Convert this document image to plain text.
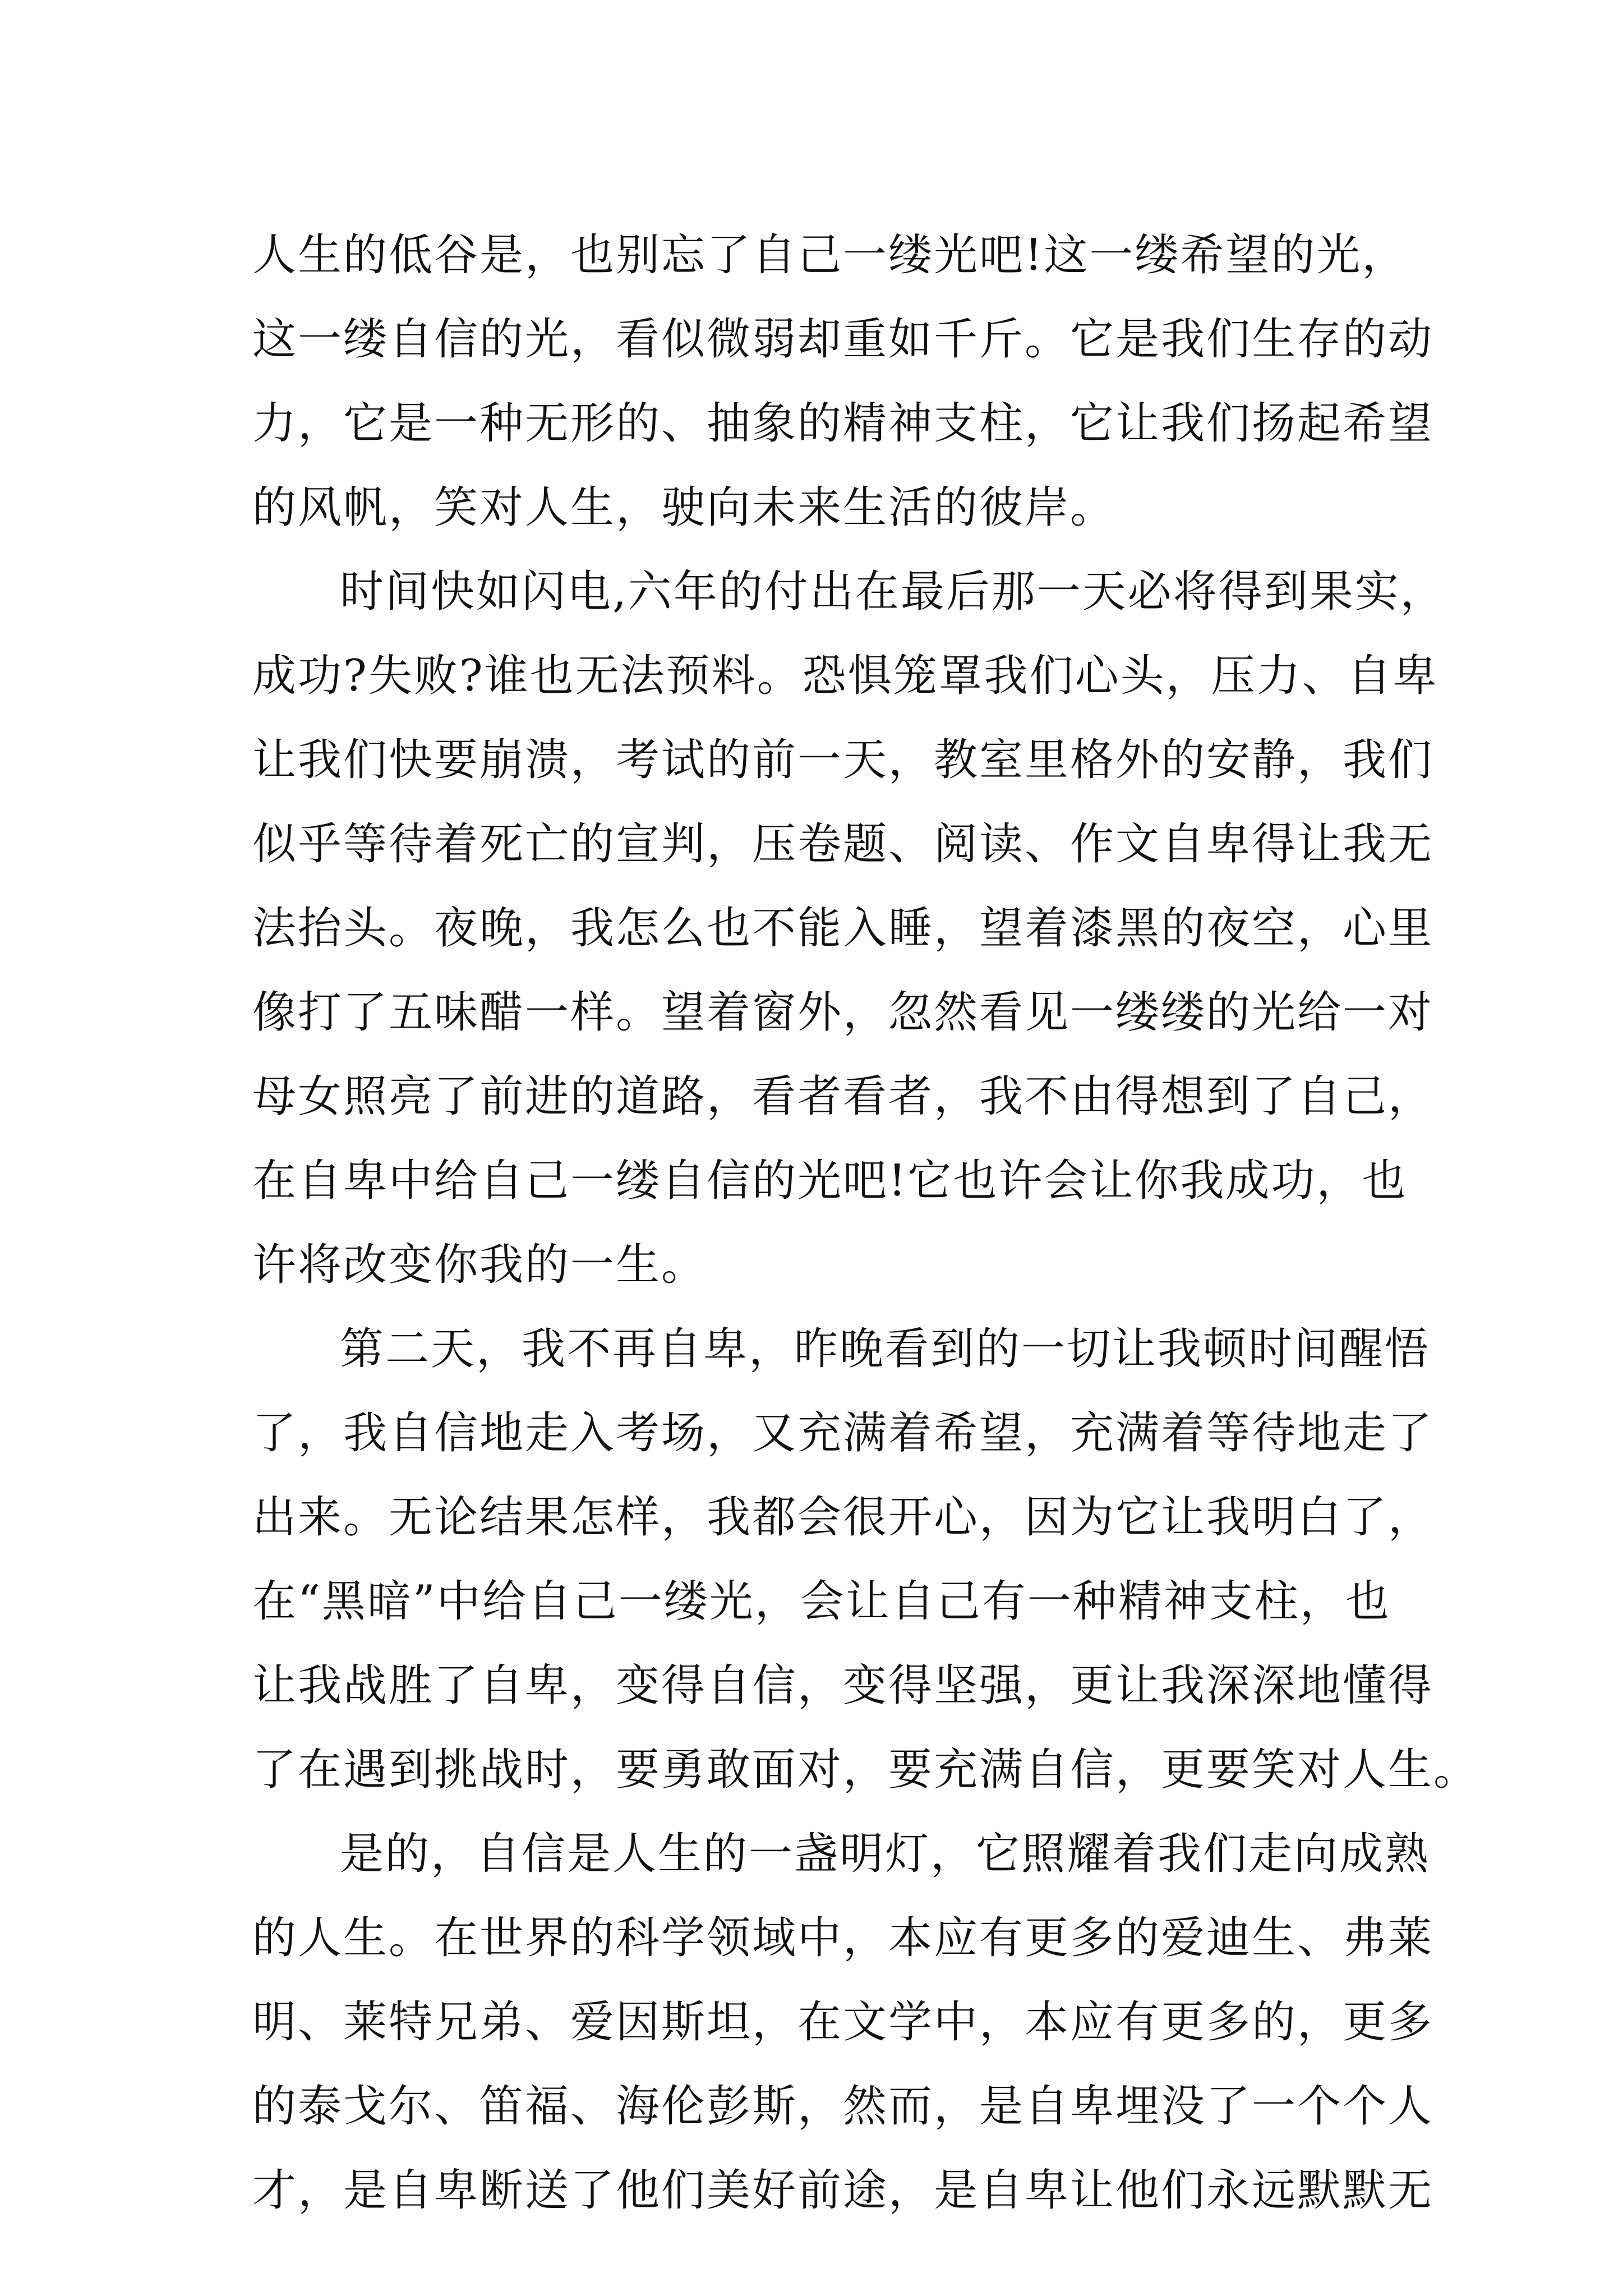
人生的低谷是，也别忘了自己一缕光吧!这一缕希望的光，
这一缕自信的光，看似微弱却重如千斤。它是我们生存的动
力，它是一种无形的、抽象的精神支柱，它让我们扬起希望
的风帆，笑对人生，驶向未来生活的彼岸。

时间快如闪电,六年的付出在最后那一天必将得到果实，
成功?失败?谁也无法预料。恐惧笼罩我们心头，压力、自卑
让我们快要崩溃，考试的前一天，教室里格外的安静，我们
似乎等待着死亡的宣判，压卷题、阅读、作文自卑得让我无
法抬头。夜晚，我怎么也不能入睡，望着漆黑的夜空，心里
像打了五味醋一样。望着窗外，忽然看见一缕缕的光给一对
母女照亮了前进的道路，看者看者，我不由得想到了自己，
在自卑中给自己一缕自信的光吧!它也许会让你我成功，也
许将改变你我的一生。

第二天，我不再自卑，昨晚看到的一切让我顿时间醒悟
了，我自信地走入考场，又充满着希望，充满着等待地走了
出来。无论结果怎样，我都会很开心，因为它让我明白了，
在“黑暗”中给自己一缕光，会让自己有一种精神支柱，也
让我战胜了自卑，变得自信，变得坚强，更让我深深地懂得
了在遇到挑战时，要勇敢面对，要充满自信，更要笑对人生。

是的，自信是人生的一盏明灯，它照耀着我们走向成熟
的人生。在世界的科学领域中，本应有更多的爱迪生、弗莱
明、莱特兄弟、爱因斯坦，在文学中，本应有更多的，更多
的泰戈尔、笛福、海伦彭斯，然而，是自卑埋没了一个个人
才，是自卑断送了他们美好前途，是自卑让他们永远默默无
